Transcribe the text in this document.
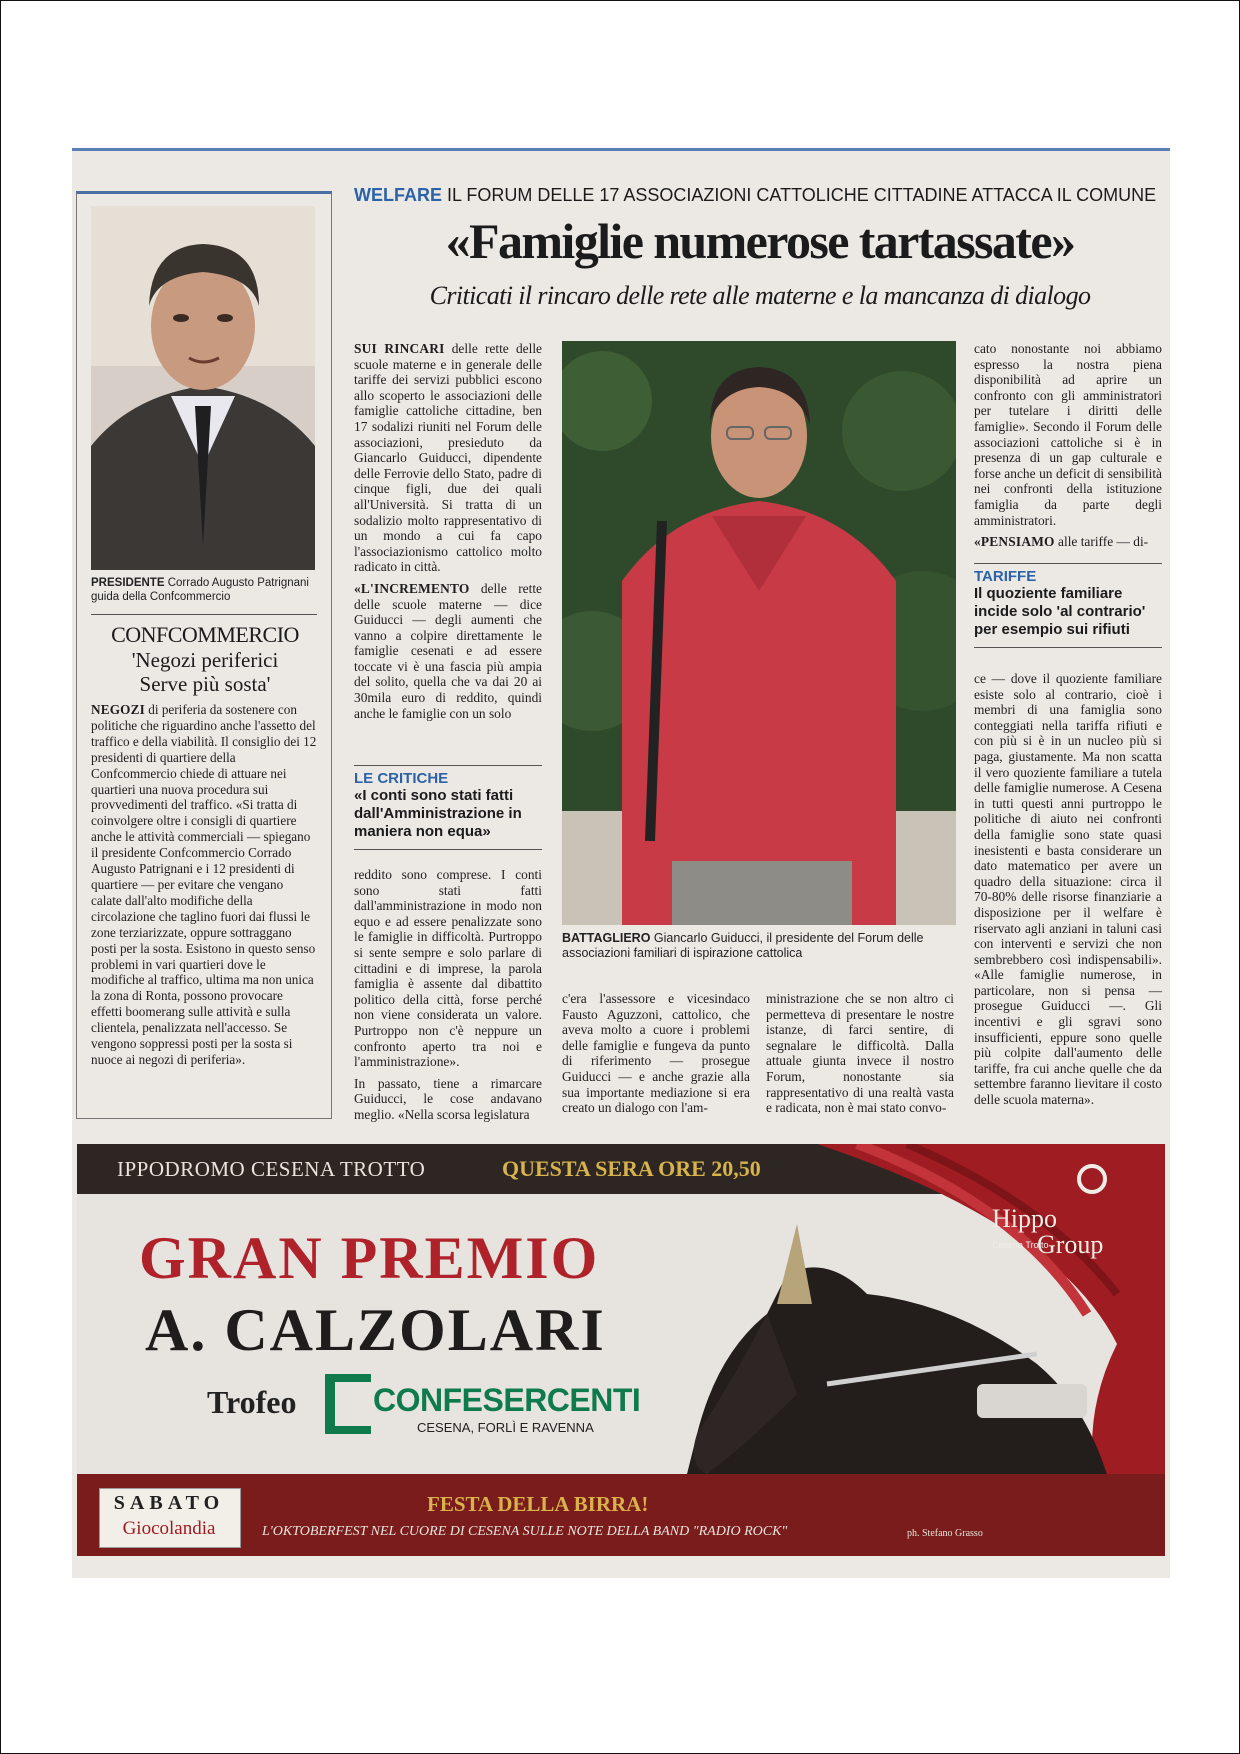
PRESIDENTE Corrado Augusto Patrignani guida della Confcommercio
CONFCOMMERCIO
'Negozi periferici
Serve più sosta'
NEGOZI di periferia da sostenere con politiche che riguardino anche l'assetto del traffico e della viabilità. Il consiglio dei 12 presidenti di quartiere della Confcommercio chiede di attuare nei quartieri una nuova procedura sui provvedimenti del traffico. «Si tratta di coinvolgere oltre i consigli di quartiere anche le attività commerciali — spiegano il presidente Confcommercio Corrado Augusto Patrignani e i 12 presidenti di quartiere — per evitare che vengano calate dall'alto modifiche della circolazione che taglino fuori dai flussi le zone terziarizzate, oppure sottraggano posti per la sosta. Esistono in questo senso problemi in vari quartieri dove le modifiche al traffico, ultima ma non unica la zona di Ronta, possono provocare effetti boomerang sulle attività e sulla clientela, penalizzata nell'accesso. Se vengono soppressi posti per la sosta si nuoce ai negozi di periferia».
WELFARE IL FORUM DELLE 17 ASSOCIAZIONI CATTOLICHE CITTADINE ATTACCA IL COMUNE
«Famiglie numerose tartassate»
Criticati il rincaro delle rete alle materne e la mancanza di dialogo

SUI RINCARI delle rette delle scuole materne e in generale delle tariffe dei servizi pubblici escono allo scoperto le associazioni delle famiglie cattoliche cittadine, ben 17 sodalizi riuniti nel Forum delle associazioni, presieduto da Giancarlo Guiducci, dipendente delle Ferrovie dello Stato, padre di cinque figli, due dei quali all'Università. Si tratta di un sodalizio molto rappresentativo di un mondo a cui fa capo l'associazionismo cattolico molto radicato in città.

«L'INCREMENTO delle rette delle scuole materne — dice Guiducci — degli aumenti che vanno a colpire direttamente le famiglie cesenati e ad essere toccate vi è una fascia più ampia del solito, quella che va dai 20 ai 30mila euro di reddito, quindi anche le famiglie con un solo

LE CRITICHE
«I conti sono stati fatti dall'Amministrazione in maniera non equa»

reddito sono comprese. I conti sono stati fatti dall'amministrazione in modo non equo e ad essere penalizzate sono le famiglie in difficoltà. Purtroppo si sente sempre e solo parlare di cittadini e di imprese, la parola famiglia è assente dal dibattito politico della città, forse perché non viene considerata un valore. Purtroppo non c'è neppure un confronto aperto tra noi e l'amministrazione».

In passato, tiene a rimarcare Guiducci, le cose andavano meglio. «Nella scorsa legislatura

BATTAGLIERO Giancarlo Guiducci, il presidente del Forum delle associazioni familiari di ispirazione cattolica

c'era l'assessore e vicesindaco Fausto Aguzzoni, cattolico, che aveva molto a cuore i problemi delle famiglie e fungeva da punto di riferimento — prosegue Guiducci — e anche grazie alla sua importante mediazione si era creato un dialogo con l'am-

ministrazione che se non altro ci permetteva di presentare le nostre istanze, di farci sentire, di segnalare le difficoltà. Dalla attuale giunta invece il nostro Forum, nonostante sia rappresentativo di una realtà vasta e radicata, non è mai stato convo-

cato nonostante noi abbiamo espresso la nostra piena disponibilità ad aprire un confronto con gli amministratori per tutelare i diritti delle famiglie». Secondo il Forum delle associazioni cattoliche si è in presenza di un gap culturale e forse anche un deficit di sensibilità nei confronti della istituzione famiglia da parte degli amministratori.

«PENSIAMO alle tariffe — di-

TARIFFE
Il quoziente familiare incide solo 'al contrario' per esempio sui rifiuti

ce — dove il quoziente familiare esiste solo al contrario, cioè i membri di una famiglia sono conteggiati nella tariffa rifiuti e con più si è in un nucleo più si paga, giustamente. Ma non scatta il vero quoziente familiare a tutela delle famiglie numerose. A Cesena in tutti questi anni purtroppo le politiche di aiuto nei confronti della famiglie sono state quasi inesistenti e basta considerare un dato matematico per avere un quadro della situazione: circa il 70-80% delle risorse finanziarie a disposizione per il welfare è riservato agli anziani in taluni casi con interventi e servizi che non sembrebbero così indispensabili». «Alle famiglie numerose, in particolare, non si pensa — prosegue Guiducci —. Gli incentivi e gli sgravi sono insufficienti, eppure sono quelle più colpite dall'aumento delle tariffe, fra cui anche quelle che da settembre faranno lievitare il costo delle scuola materna».

IPPODROMO CESENA TROTTO	QUESTA SERA ORE 20,50
Hippo
Group
Cesena Trotto
GRAN PREMIO
A. CALZOLARI
Trofeo CONFESERCENTI
CESENA, FORLÌ E RAVENNA
SABATO
Giocolandia
FESTA DELLA BIRRA!
L'OKTOBERFEST NEL CUORE DI CESENA SULLE NOTE DELLA BAND "RADIO ROCK"	ph. Stefano Grasso
